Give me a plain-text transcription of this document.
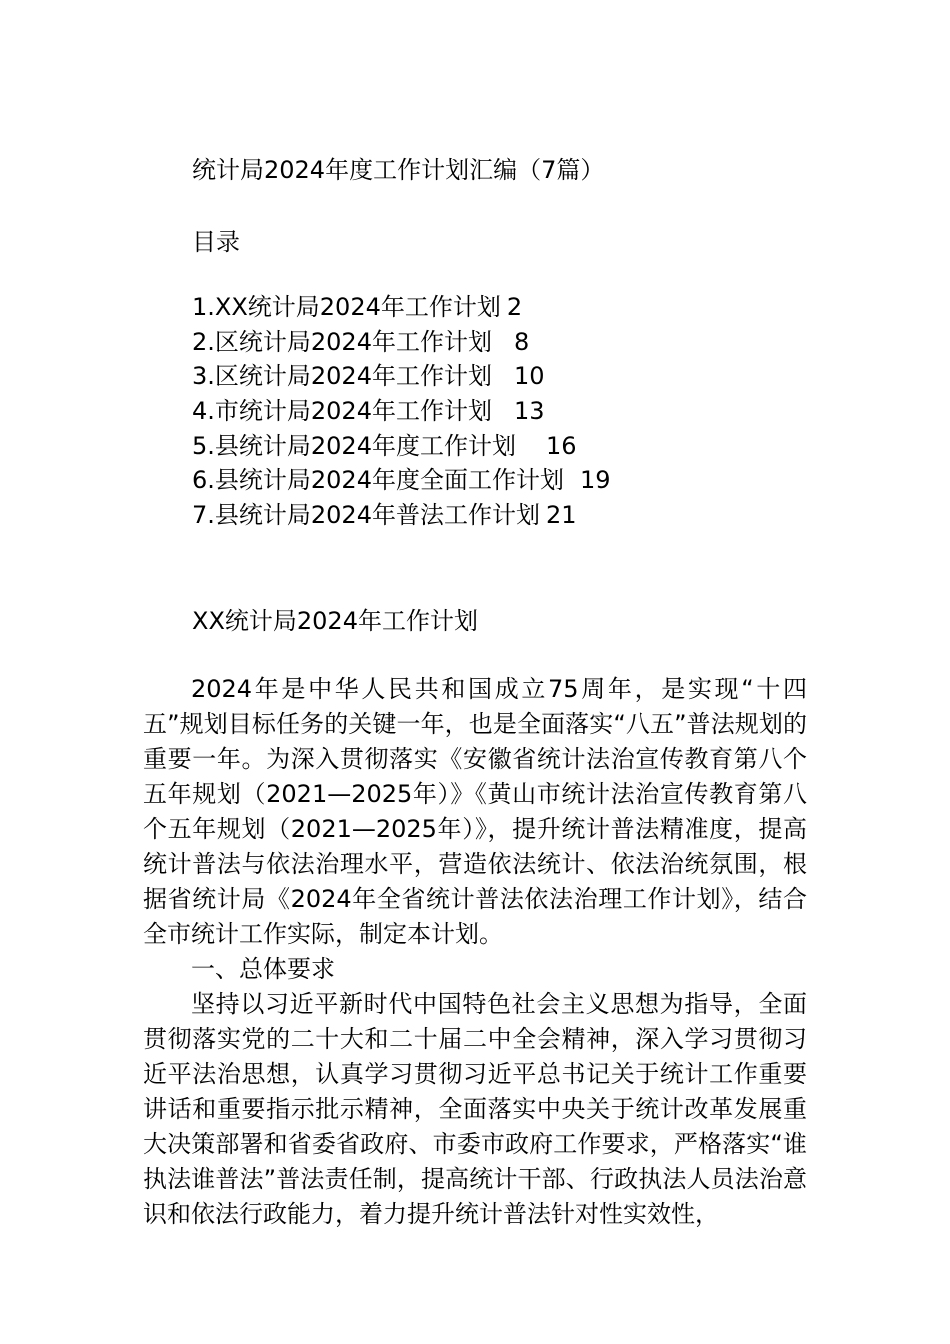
统计局2024年度工作计划汇编（7篇）
目录
1.XX统计局2024年工作计划 2
2.区统计局2024年工作计划 8
3.区统计局2024年工作计划 10
4.市统计局2024年工作计划 13
5.县统计局2024年度工作计划 16
6.县统计局2024年度全面工作计划 19
7.县统计局2024年普法工作计划 21
XX统计局2024年工作计划

2024年是中华人民共和国成立75周年，是实现“十四五”规划目标任务的关键一年，也是全面落实“八五”普法规划的重要一年。为深入贯彻落实《安徽省统计法治宣传教育第八个五年规划（2021—2025年）》《黄山市统计法治宣传教育第八个五年规划（2021—2025年）》，提升统计普法精准度，提高统计普法与依法治理水平，营造依法统计、依法治统氛围，根据省统计局《2024年全省统计普法依法治理工作计划》，结合全市统计工作实际，制定本计划。

一、总体要求

坚持以习近平新时代中国特色社会主义思想为指导，全面贯彻落实党的二十大和二十届二中全会精神，深入学习贯彻习近平法治思想，认真学习贯彻习近平总书记关于统计工作重要讲话和重要指示批示精神，全面落实中央关于统计改革发展重大决策部署和省委省政府、市委市政府工作要求，严格落实“谁执法谁普法”普法责任制，提高统计干部、行政执法人员法治意识和依法行政能力，着力提升统计普法针对性实效性，
